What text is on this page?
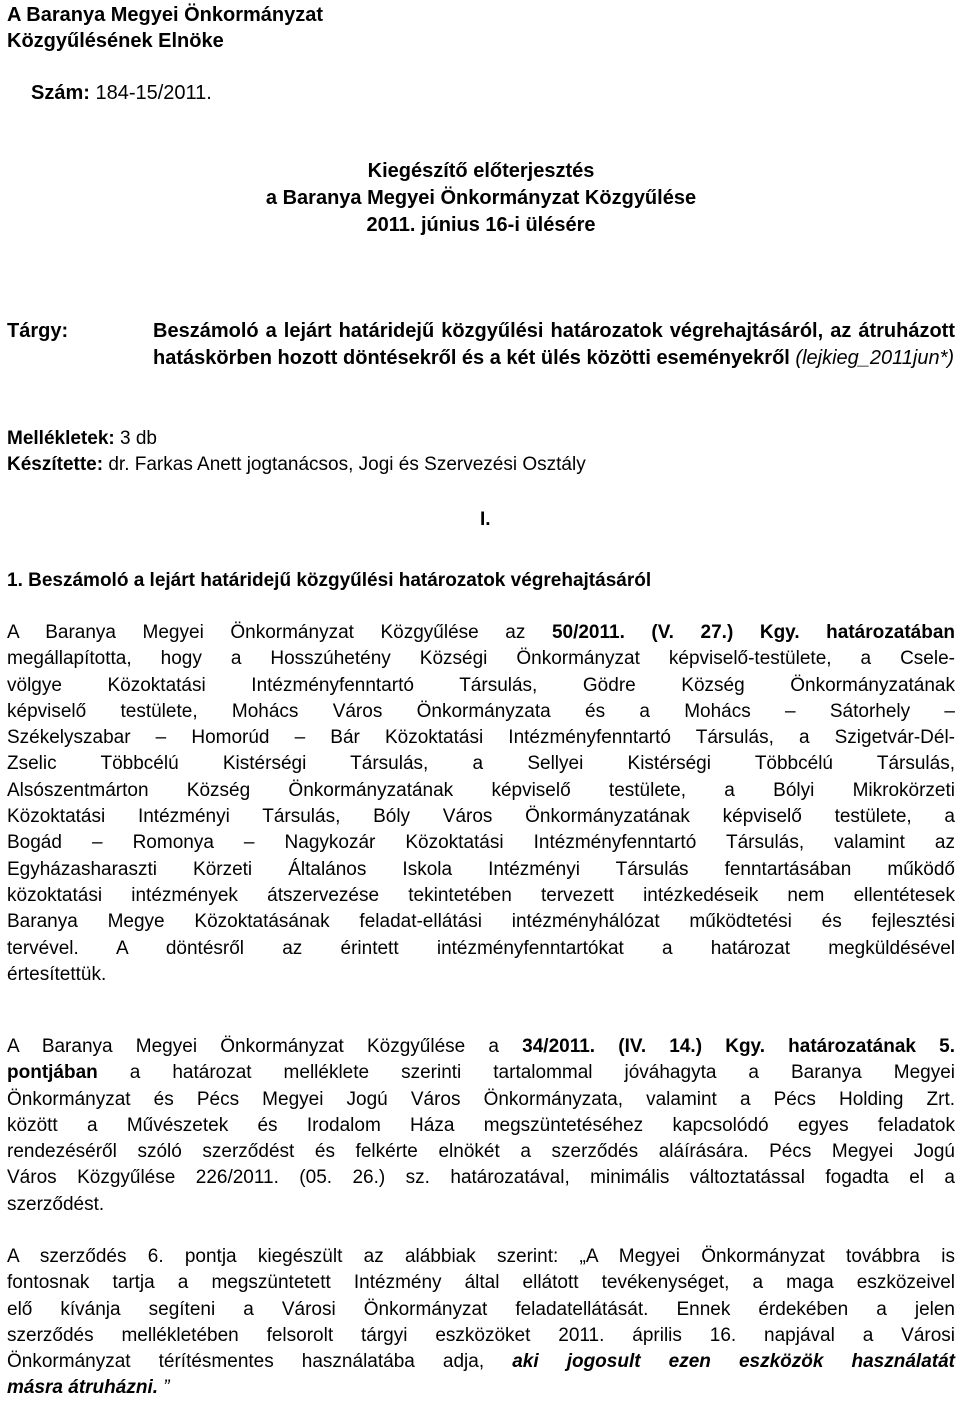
A Baranya Megyei Önkormányzat
Közgyűlésének Elnöke
Szám: 184-15/2011.
Kiegészítő előterjesztés
a Baranya Megyei Önkormányzat Közgyűlése
2011. június 16-i ülésére
Tárgy:	Beszámoló a lejárt határidejű közgyűlési határozatok végrehajtásáról, az átruházott hatáskörben hozott döntésekről és a két ülés közötti eseményekről (lejkieg_2011jun*)
Mellékletek: 3 db
Készítette: dr. Farkas Anett jogtanácsos, Jogi és Szervezési Osztály
I.
1. Beszámoló a lejárt határidejű közgyűlési határozatok végrehajtásáról
A Baranya Megyei Önkormányzat Közgyűlése az 50/2011. (V. 27.) Kgy. határozatában
megállapította, hogy a Hosszúhetény Községi Önkormányzat képviselő-testülete, a Csele-
völgye Közoktatási Intézményfenntartó Társulás, Gödre Község Önkormányzatának
képviselő testülete, Mohács Város Önkormányzata és a Mohács – Sátorhely –
Székelyszabar – Homorúd – Bár Közoktatási Intézményfenntartó Társulás, a Szigetvár-Dél-
Zselic Többcélú Kistérségi Társulás, a Sellyei Kistérségi Többcélú Társulás,
Alsószentmárton Község Önkormányzatának képviselő testülete, a Bólyi Mikrokörzeti
Közoktatási Intézményi Társulás, Bóly Város Önkormányzatának képviselő testülete, a
Bogád – Romonya – Nagykozár Közoktatási Intézményfenntartó Társulás, valamint az
Egyházasharaszti Körzeti Általános Iskola Intézményi Társulás fenntartásában működő
közoktatási intézmények átszervezése tekintetében tervezett intézkedéseik nem ellentétesek
Baranya Megye Közoktatásának feladat-ellátási intézményhálózat működtetési és fejlesztési
tervével. A döntésről az érintett intézményfenntartókat a határozat megküldésével
értesítettük.
A Baranya Megyei Önkormányzat Közgyűlése a 34/2011. (IV. 14.) Kgy. határozatának 5.
pontjában a határozat melléklete szerinti tartalommal jóváhagyta a Baranya Megyei
Önkormányzat és Pécs Megyei Jogú Város Önkormányzata, valamint a Pécs Holding Zrt.
között a Művészetek és Irodalom Háza megszüntetéséhez kapcsolódó egyes feladatok
rendezéséről szóló szerződést és felkérte elnökét a szerződés aláírására. Pécs Megyei Jogú
Város Közgyűlése 226/2011. (05. 26.) sz. határozatával, minimális változtatással fogadta el a
szerződést.
A szerződés 6. pontja kiegészült az alábbiak szerint: „A Megyei Önkormányzat továbbra is
fontosnak tartja a megszüntetett Intézmény által ellátott tevékenységet, a maga eszközeivel
elő kívánja segíteni a Városi Önkormányzat feladatellátását. Ennek érdekében a jelen
szerződés mellékletében felsorolt tárgyi eszközöket 2011. április 16. napjával a Városi
Önkormányzat térítésmentes használatába adja, aki jogosult ezen eszközök használatát
másra átruházni. ”
